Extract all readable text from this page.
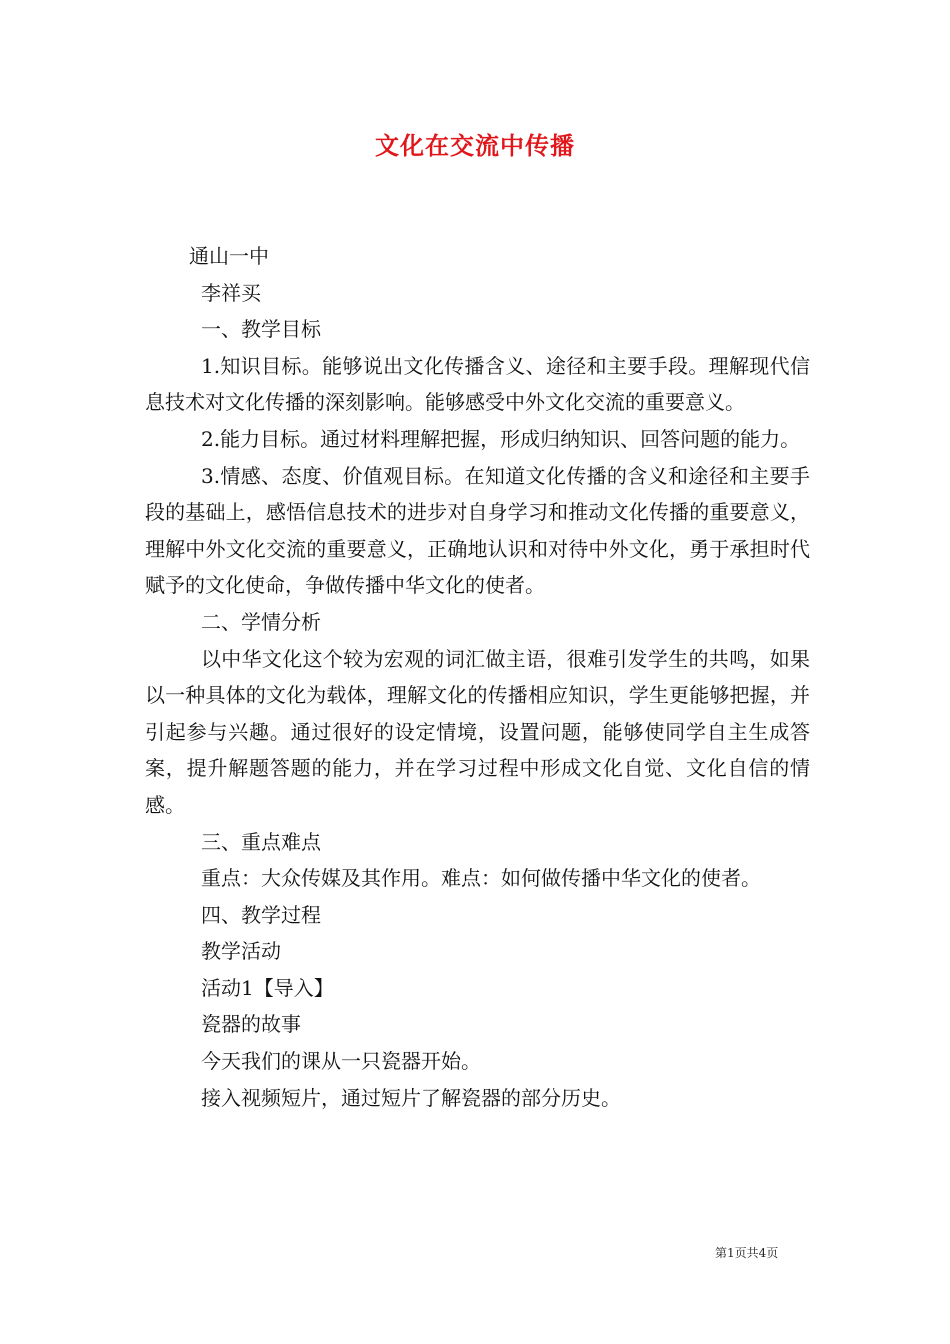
文化在交流中传播

通山一中

李祥买

一、教学目标

1.知识目标。能够说出文化传播含义、途径和主要手段。理解现代信息技术对文化传播的深刻影响。能够感受中外文化交流的重要意义。

2.能力目标。通过材料理解把握，形成归纳知识、回答问题的能力。

3.情感、态度、价值观目标。在知道文化传播的含义和途径和主要手段的基础上，感悟信息技术的进步对自身学习和推动文化传播的重要意义，理解中外文化交流的重要意义，正确地认识和对待中外文化，勇于承担时代赋予的文化使命，争做传播中华文化的使者。

二、学情分析

以中华文化这个较为宏观的词汇做主语，很难引发学生的共鸣，如果以一种具体的文化为载体，理解文化的传播相应知识，学生更能够把握，并引起参与兴趣。通过很好的设定情境，设置问题，能够使同学自主生成答案，提升解题答题的能力，并在学习过程中形成文化自觉、文化自信的情感。

三、重点难点

重点：大众传媒及其作用。难点：如何做传播中华文化的使者。

四、教学过程

教学活动

活动1【导入】

瓷器的故事

今天我们的课从一只瓷器开始。

接入视频短片，通过短片了解瓷器的部分历史。

第1页共4页
